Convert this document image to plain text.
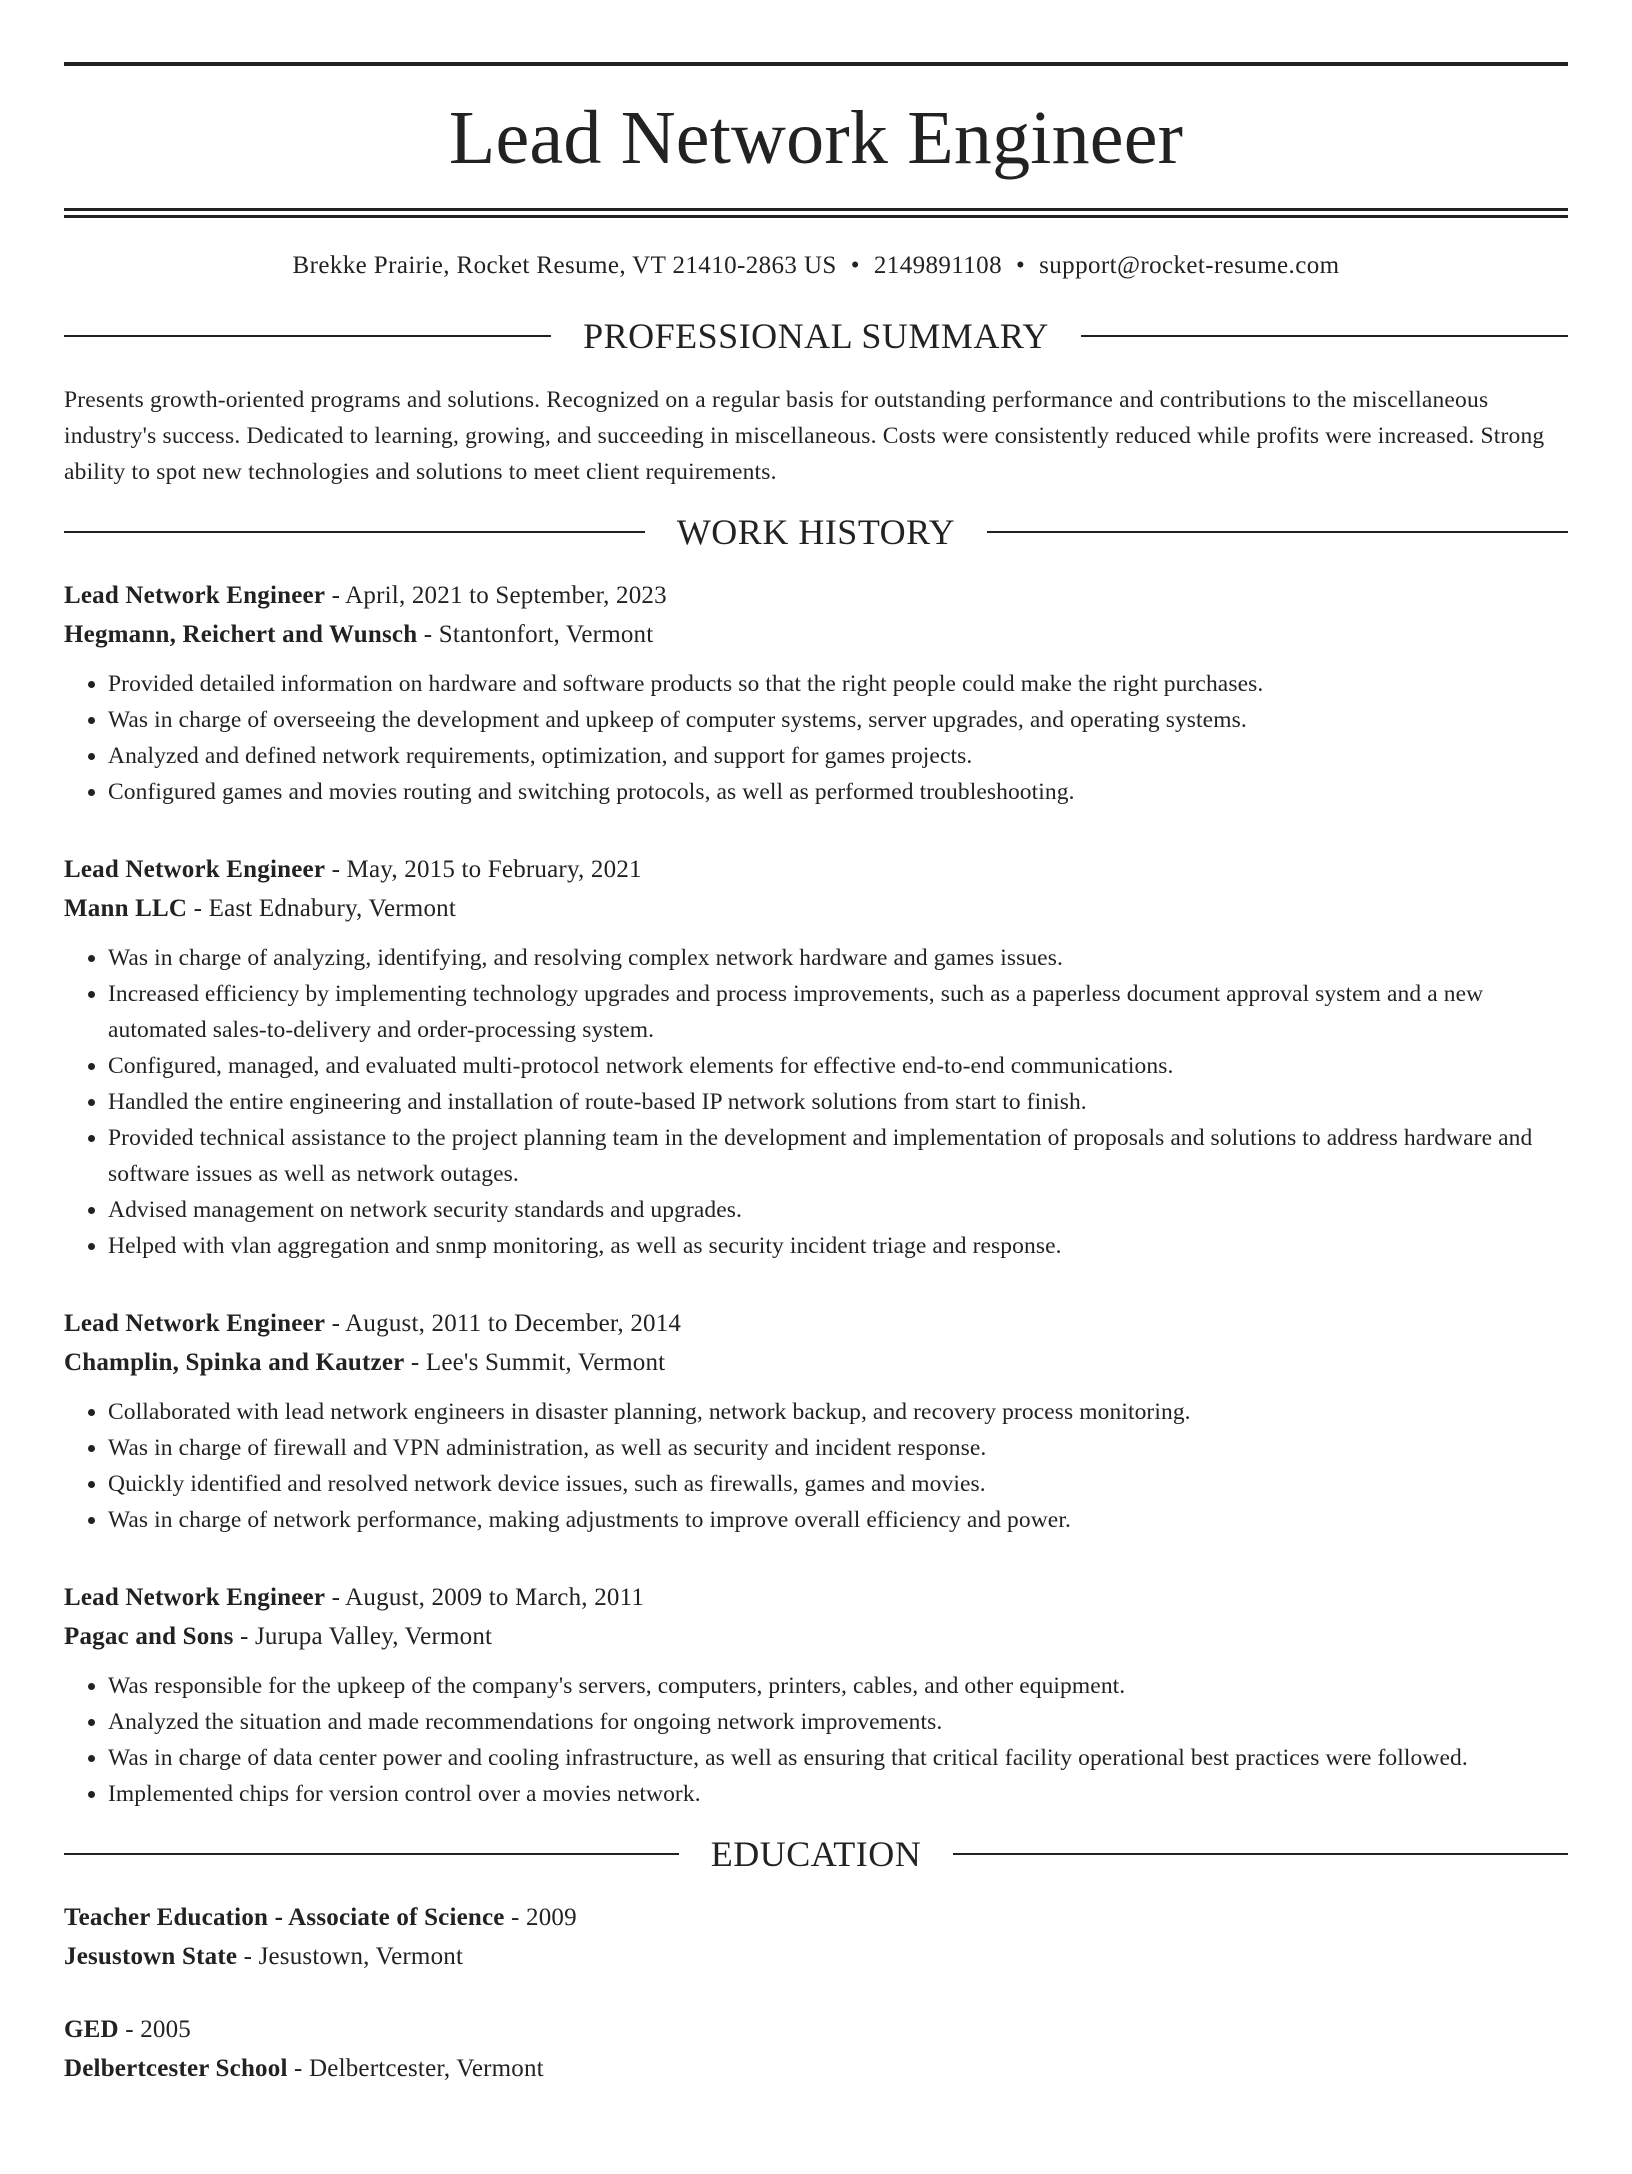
Lead Network Engineer
Brekke Prairie, Rocket Resume, VT 21410-2863 US • 2149891108 • support@rocket-resume.com
PROFESSIONAL SUMMARY

Presents growth-oriented programs and solutions. Recognized on a regular basis for outstanding performance and contributions to the miscellaneous industry's success. Dedicated to learning, growing, and succeeding in miscellaneous. Costs were consistently reduced while profits were increased. Strong ability to spot new technologies and solutions to meet client requirements.

WORK HISTORY
Lead Network Engineer - April, 2021 to September, 2023
Hegmann, Reichert and Wunsch - Stantonfort, Vermont
• Provided detailed information on hardware and software products so that the right people could make the right purchases.
• Was in charge of overseeing the development and upkeep of computer systems, server upgrades, and operating systems.
• Analyzed and defined network requirements, optimization, and support for games projects.
• Configured games and movies routing and switching protocols, as well as performed troubleshooting.
Lead Network Engineer - May, 2015 to February, 2021
Mann LLC - East Ednabury, Vermont
• Was in charge of analyzing, identifying, and resolving complex network hardware and games issues.
• Increased efficiency by implementing technology upgrades and process improvements, such as a paperless document approval system and a new automated sales-to-delivery and order-processing system.
• Configured, managed, and evaluated multi-protocol network elements for effective end-to-end communications.
• Handled the entire engineering and installation of route-based IP network solutions from start to finish.
• Provided technical assistance to the project planning team in the development and implementation of proposals and solutions to address hardware and software issues as well as network outages.
• Advised management on network security standards and upgrades.
• Helped with vlan aggregation and snmp monitoring, as well as security incident triage and response.
Lead Network Engineer - August, 2011 to December, 2014
Champlin, Spinka and Kautzer - Lee's Summit, Vermont
• Collaborated with lead network engineers in disaster planning, network backup, and recovery process monitoring.
• Was in charge of firewall and VPN administration, as well as security and incident response.
• Quickly identified and resolved network device issues, such as firewalls, games and movies.
• Was in charge of network performance, making adjustments to improve overall efficiency and power.
Lead Network Engineer - August, 2009 to March, 2011
Pagac and Sons - Jurupa Valley, Vermont
• Was responsible for the upkeep of the company's servers, computers, printers, cables, and other equipment.
• Analyzed the situation and made recommendations for ongoing network improvements.
• Was in charge of data center power and cooling infrastructure, as well as ensuring that critical facility operational best practices were followed.
• Implemented chips for version control over a movies network.
EDUCATION
Teacher Education - Associate of Science - 2009
Jesustown State - Jesustown, Vermont
GED - 2005
Delbertcester School - Delbertcester, Vermont
